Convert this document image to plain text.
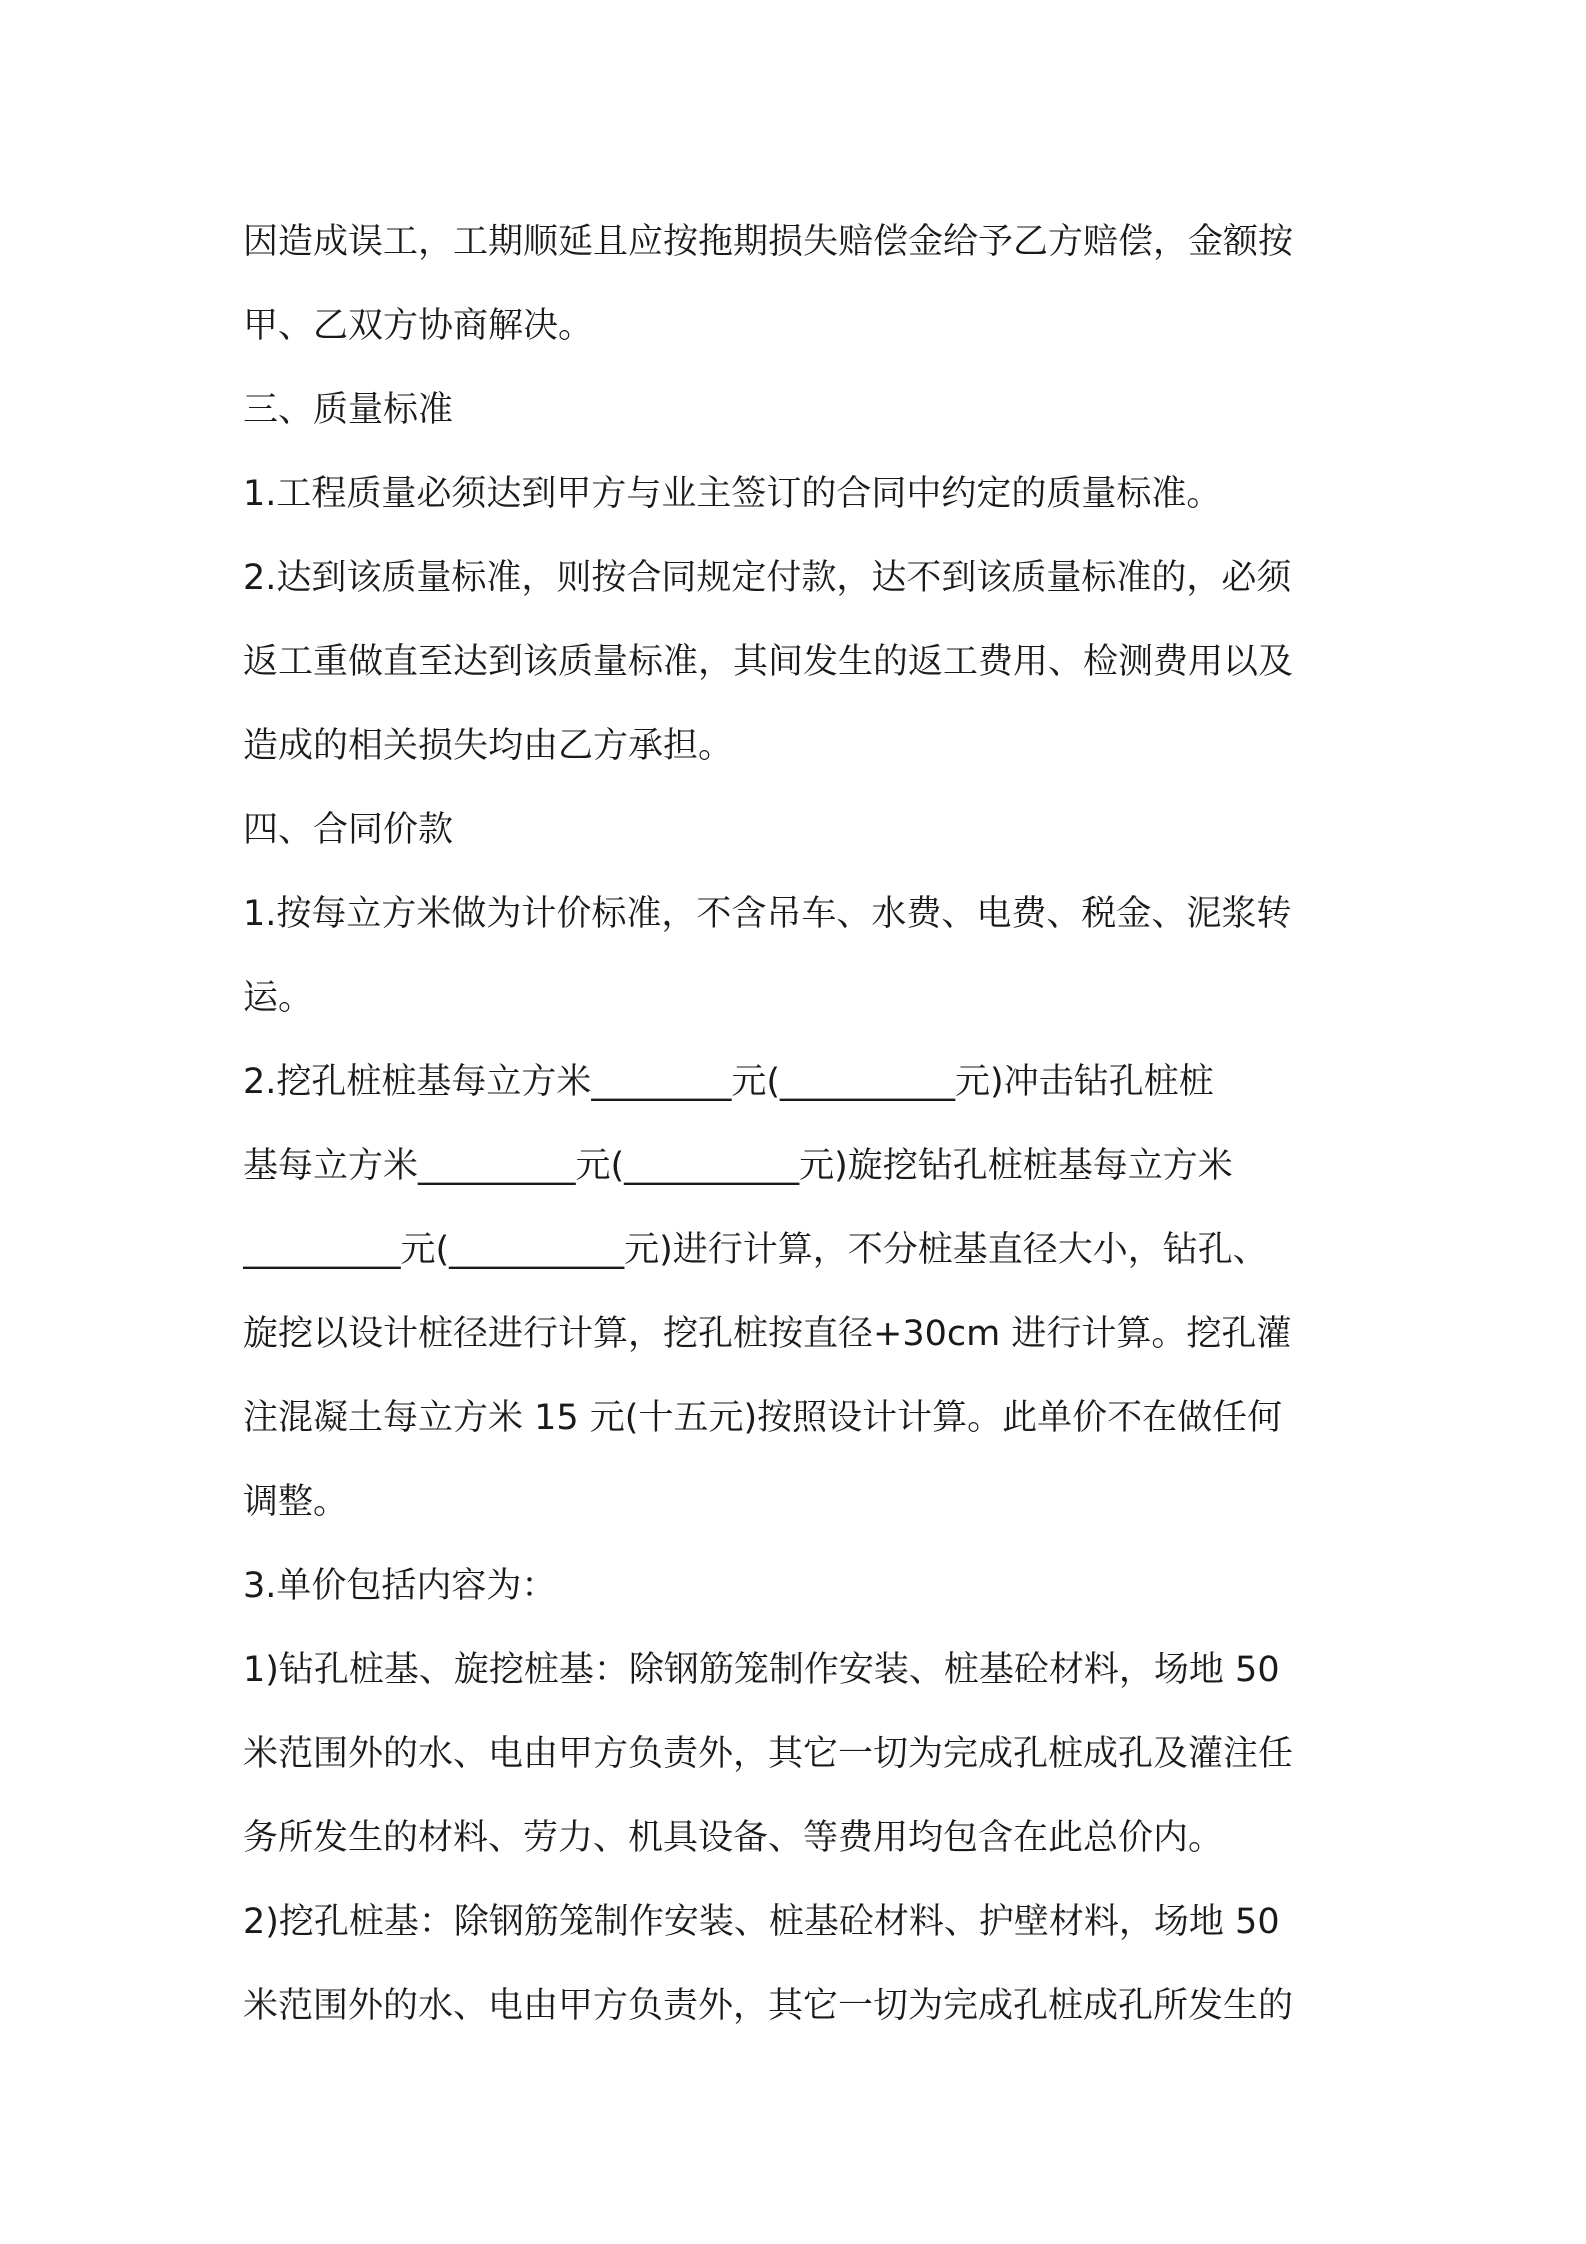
因造成误工，工期顺延且应按拖期损失赔偿金给予乙方赔偿，金额按
甲、乙双方协商解决。
三、质量标准
1.工程质量必须达到甲方与业主签订的合同中约定的质量标准。
2.达到该质量标准，则按合同规定付款，达不到该质量标准的，必须
返工重做直至达到该质量标准，其间发生的返工费用、检测费用以及
造成的相关损失均由乙方承担。
四、合同价款
1.按每立方米做为计价标准，不含吊车、水费、电费、税金、泥浆转
运。
2.挖孔桩桩基每立方米________元(__________元)冲击钻孔桩桩
基每立方米_________元(__________元)旋挖钻孔桩桩基每立方米
_________元(__________元)进行计算，不分桩基直径大小，钻孔、
旋挖以设计桩径进行计算，挖孔桩按直径+30cm 进行计算。挖孔灌
注混凝土每立方米 15 元(十五元)按照设计计算。此单价不在做任何
调整。
3.单价包括内容为：
1)钻孔桩基、旋挖桩基：除钢筋笼制作安装、桩基砼材料，场地 50
米范围外的水、电由甲方负责外，其它一切为完成孔桩成孔及灌注任
务所发生的材料、劳力、机具设备、等费用均包含在此总价内。
2)挖孔桩基：除钢筋笼制作安装、桩基砼材料、护壁材料，场地 50
米范围外的水、电由甲方负责外，其它一切为完成孔桩成孔所发生的
